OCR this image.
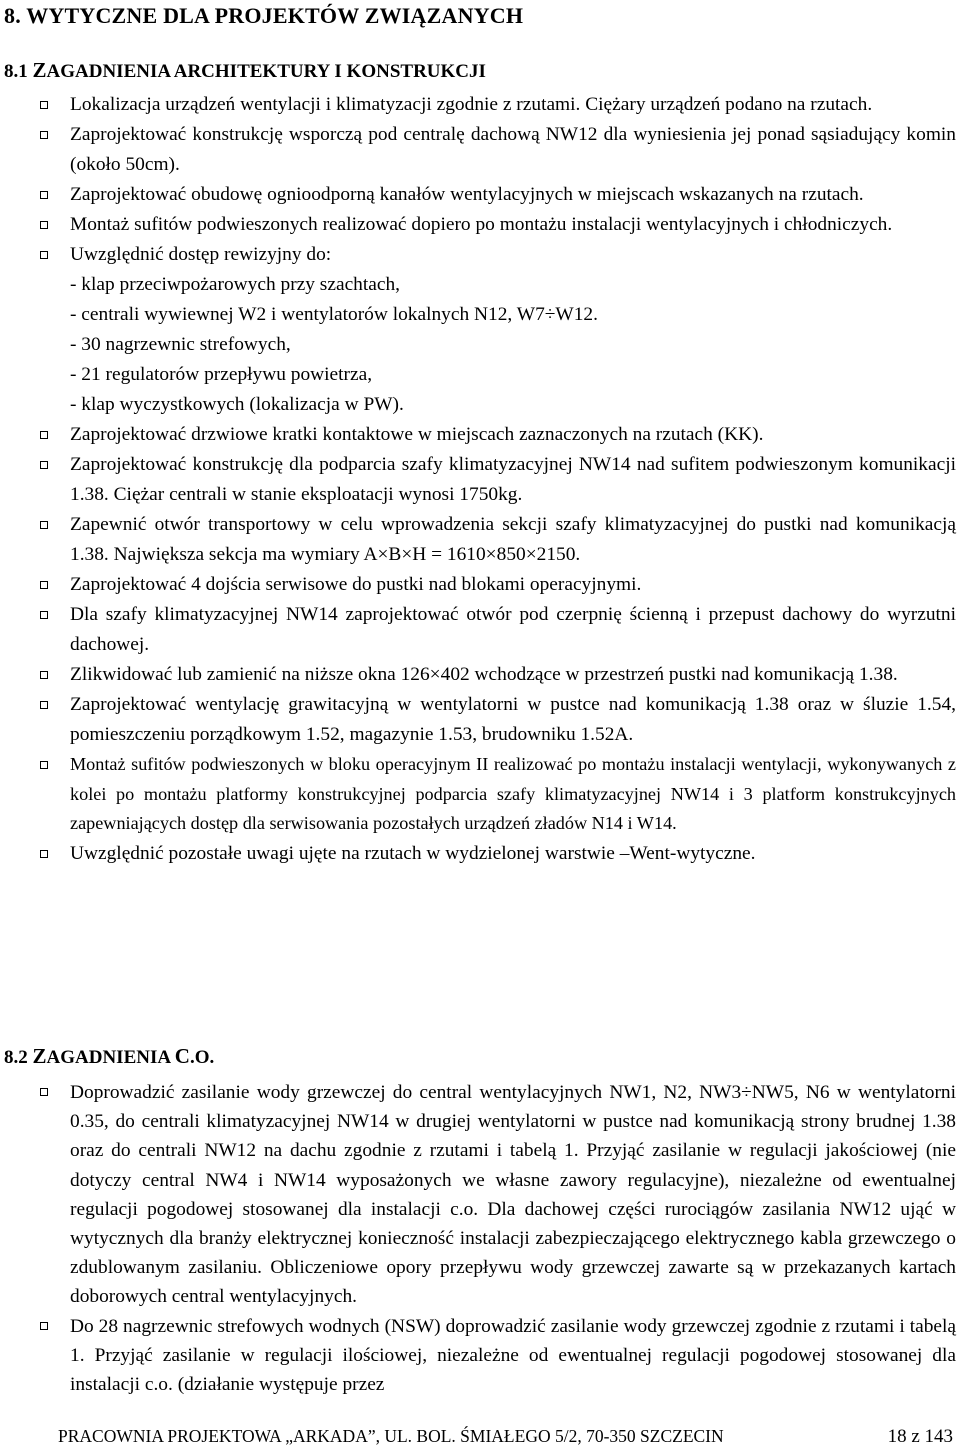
8. WYTYCZNE DLA PROJEKTÓW ZWIĄZANYCH
8.1 ZAGADNIENIA ARCHITEKTURY I KONSTRUKCJI
Lokalizacja urządzeń wentylacji i klimatyzacji zgodnie z rzutami. Ciężary urządzeń podano na rzutach.
Zaprojektować konstrukcję wsporczą pod centralę dachową NW12 dla wyniesienia jej ponad sąsiadujący komin (około 50cm).
Zaprojektować obudowę ognioodporną kanałów wentylacyjnych w miejscach wskazanych na rzutach.
Montaż sufitów podwieszonych realizować dopiero po montażu instalacji wentylacyjnych i chłodniczych.
Uwzględnić dostęp rewizyjny do:
- klap przeciwpożarowych przy szachtach,
- centrali wywiewnej W2 i wentylatorów lokalnych N12, W7÷W12.
- 30 nagrzewnic strefowych,
- 21 regulatorów przepływu powietrza,
- klap wyczystkowych (lokalizacja w PW).
Zaprojektować drzwiowe kratki kontaktowe w miejscach zaznaczonych na rzutach (KK).
Zaprojektować konstrukcję dla podparcia szafy klimatyzacyjnej NW14 nad sufitem podwieszonym komunikacji 1.38. Ciężar centrali w stanie eksploatacji wynosi 1750kg.
Zapewnić otwór transportowy w celu wprowadzenia sekcji szafy klimatyzacyjnej do pustki nad komunikacją 1.38. Największa sekcja ma wymiary A×B×H = 1610×850×2150.
Zaprojektować 4 dojścia serwisowe do pustki nad blokami operacyjnymi.
Dla szafy klimatyzacyjnej NW14 zaprojektować otwór pod czerpnię ścienną i przepust dachowy do wyrzutni dachowej.
Zlikwidować lub zamienić na niższe okna 126×402 wchodzące w przestrzeń pustki nad komunikacją 1.38.
Zaprojektować wentylację grawitacyjną w wentylatorni w pustce nad komunikacją 1.38 oraz w śluzie 1.54, pomieszczeniu porządkowym 1.52, magazynie 1.53, brudowniku 1.52A.
Montaż sufitów podwieszonych w bloku operacyjnym II realizować po montażu instalacji wentylacji, wykonywanych z kolei po montażu platformy konstrukcyjnej podparcia szafy klimatyzacyjnej NW14 i 3 platform konstrukcyjnych zapewniających dostęp dla serwisowania pozostałych urządzeń zładów N14 i W14.
Uwzględnić pozostałe uwagi ujęte na rzutach w wydzielonej warstwie –Went-wytyczne.
8.2 ZAGADNIENIA C.O.
Doprowadzić zasilanie wody grzewczej do central wentylacyjnych NW1, N2, NW3÷NW5, N6 w wentylatorni 0.35, do centrali klimatyzacyjnej NW14 w drugiej wentylatorni w pustce nad komunikacją strony brudnej 1.38 oraz do centrali NW12 na dachu zgodnie z rzutami i tabelą 1. Przyjąć zasilanie w regulacji jakościowej (nie dotyczy central NW4 i NW14 wyposażonych we własne zawory regulacyjne), niezależne od ewentualnej regulacji pogodowej stosowanej dla instalacji c.o. Dla dachowej części rurociągów zasilania NW12 ująć w wytycznych dla branży elektrycznej konieczność instalacji zabezpieczającego elektrycznego kabla grzewczego o zdublowanym zasilaniu. Obliczeniowe opory przepływu wody grzewczej zawarte są w przekazanych kartach doborowych central wentylacyjnych.
Do 28 nagrzewnic strefowych wodnych (NSW) doprowadzić zasilanie wody grzewczej zgodnie z rzutami i tabelą 1. Przyjąć zasilanie w regulacji ilościowej, niezależne od ewentualnej regulacji pogodowej stosowanej dla instalacji c.o. (działanie występuje przez
PRACOWNIA PROJEKTOWA „ARKADA”, UL. BOL. ŚMIAŁEGO 5/2, 70-350 SZCZECIN	18 z 143
